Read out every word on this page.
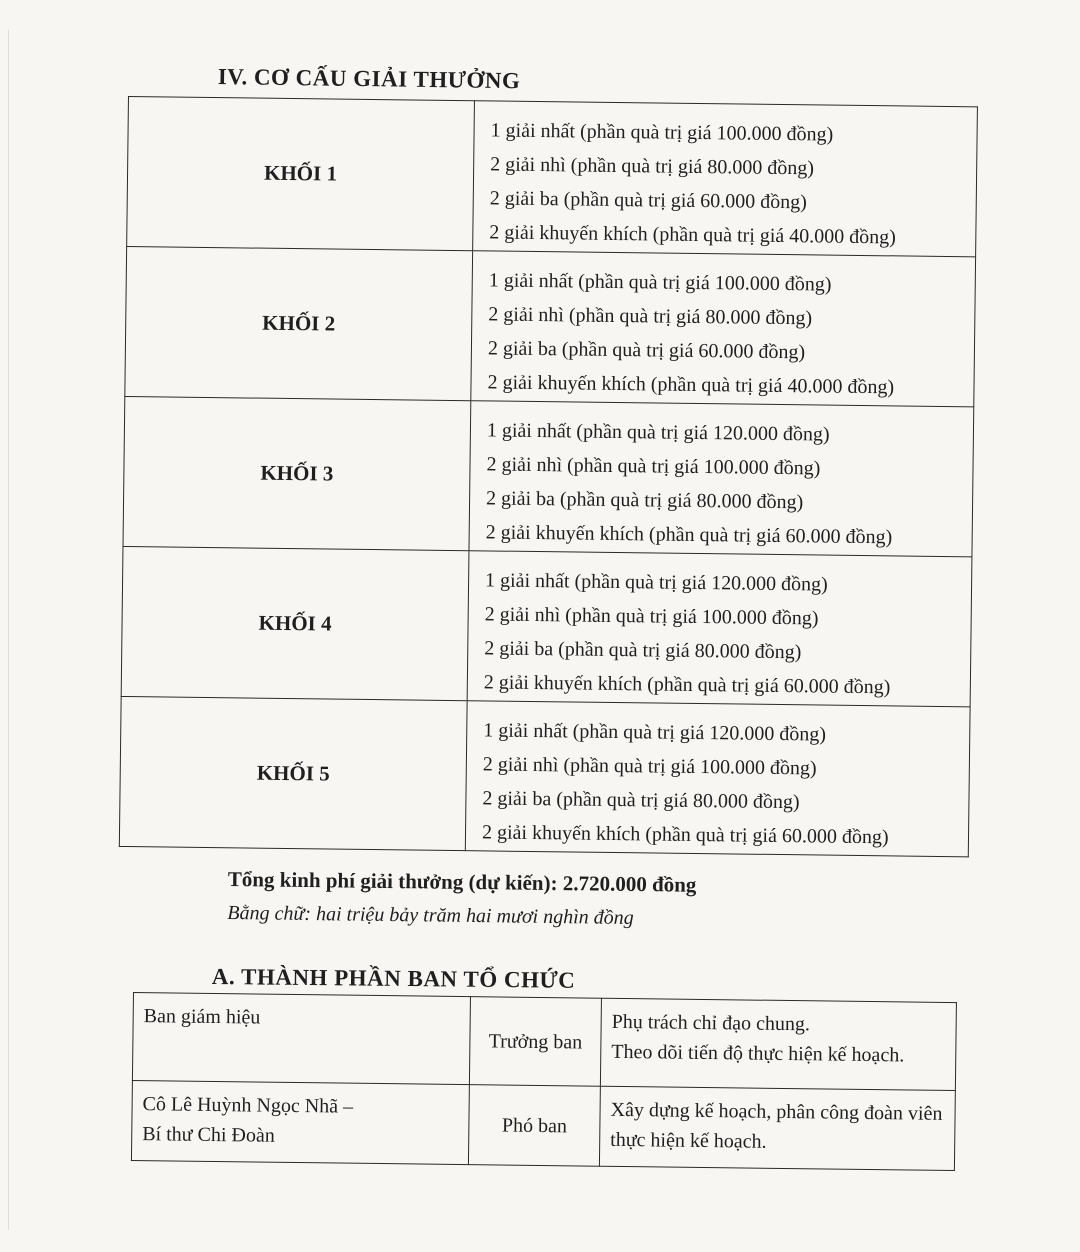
IV. CƠ CẤU GIẢI THƯỞNG
KHỐI 1	1 giải nhất (phần quà trị giá 100.000 đồng)
2 giải nhì (phần quà trị giá 80.000 đồng)
2 giải ba (phần quà trị giá 60.000 đồng)
2 giải khuyến khích (phần quà trị giá 40.000 đồng)

KHỐI 2	1 giải nhất (phần quà trị giá 100.000 đồng)
2 giải nhì (phần quà trị giá 80.000 đồng)
2 giải ba (phần quà trị giá 60.000 đồng)
2 giải khuyến khích (phần quà trị giá 40.000 đồng)

KHỐI 3	1 giải nhất (phần quà trị giá 120.000 đồng)
2 giải nhì (phần quà trị giá 100.000 đồng)
2 giải ba (phần quà trị giá 80.000 đồng)
2 giải khuyến khích (phần quà trị giá 60.000 đồng)

KHỐI 4	1 giải nhất (phần quà trị giá 120.000 đồng)
2 giải nhì (phần quà trị giá 100.000 đồng)
2 giải ba (phần quà trị giá 80.000 đồng)
2 giải khuyến khích (phần quà trị giá 60.000 đồng)

KHỐI 5	1 giải nhất (phần quà trị giá 120.000 đồng)
2 giải nhì (phần quà trị giá 100.000 đồng)
2 giải ba (phần quà trị giá 80.000 đồng)
2 giải khuyến khích (phần quà trị giá 60.000 đồng)
Tổng kinh phí giải thưởng (dự kiến): 2.720.000 đồng
Bằng chữ: hai triệu bảy trăm hai mươi nghìn đồng
A. THÀNH PHẦN BAN TỔ CHỨC
Ban giám hiệu	Trưởng ban	Phụ trách chỉ đạo chung.
Theo dõi tiến độ thực hiện kế hoạch.

Cô Lê Huỳnh Ngọc Nhã –
Bí thư Chi Đoàn	Phó ban	Xây dựng kế hoạch, phân công đoàn viên thực hiện kế hoạch.
